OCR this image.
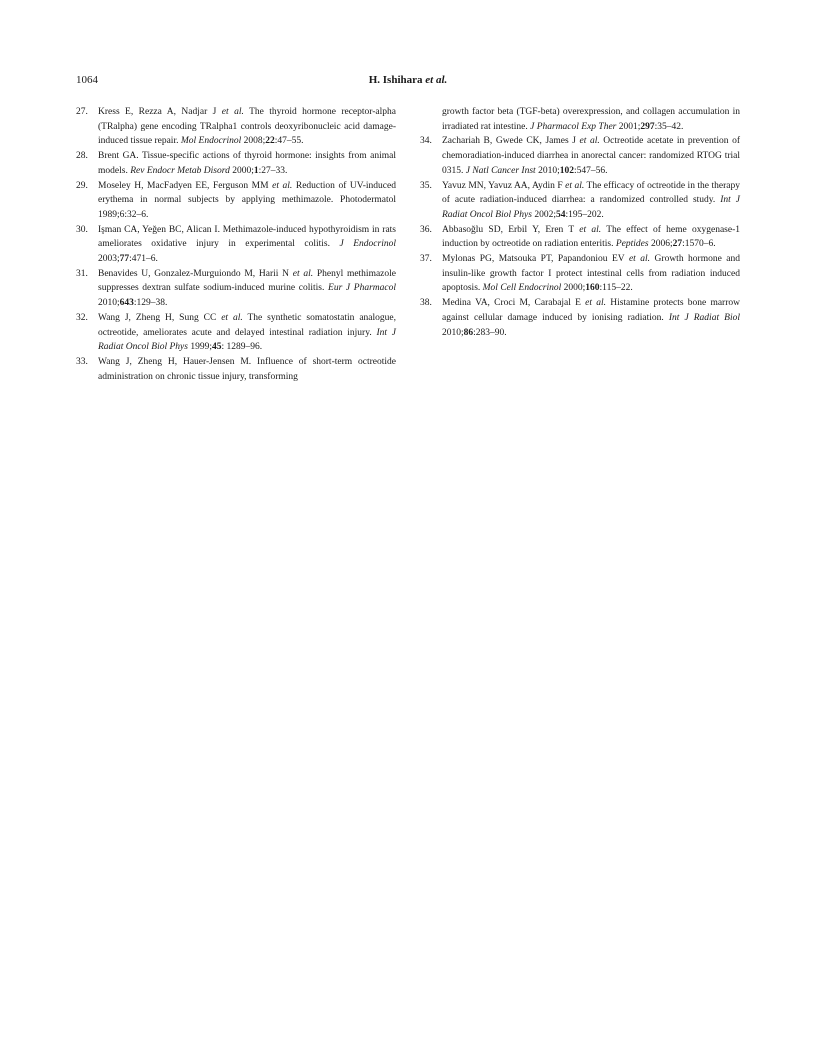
1064	H. Ishihara et al.
27. Kress E, Rezza A, Nadjar J et al. The thyroid hormone receptor-alpha (TRalpha) gene encoding TRalpha1 controls deoxyribonucleic acid damage-induced tissue repair. Mol Endocrinol 2008;22:47–55.
28. Brent GA. Tissue-specific actions of thyroid hormone: insights from animal models. Rev Endocr Metab Disord 2000;1:27–33.
29. Moseley H, MacFadyen EE, Ferguson MM et al. Reduction of UV-induced erythema in normal subjects by applying methimazole. Photodermatol 1989;6:32–6.
30. Işman CA, Yeğen BC, Alican I. Methimazole-induced hypothyroidism in rats ameliorates oxidative injury in experimental colitis. J Endocrinol 2003;77:471–6.
31. Benavides U, Gonzalez-Murguiondo M, Harii N et al. Phenyl methimazole suppresses dextran sulfate sodium-induced murine colitis. Eur J Pharmacol 2010;643:129–38.
32. Wang J, Zheng H, Sung CC et al. The synthetic somatostatin analogue, octreotide, ameliorates acute and delayed intestinal radiation injury. Int J Radiat Oncol Biol Phys 1999;45: 1289–96.
33. Wang J, Zheng H, Hauer-Jensen M. Influence of short-term octreotide administration on chronic tissue injury, transforming
growth factor beta (TGF-beta) overexpression, and collagen accumulation in irradiated rat intestine. J Pharmacol Exp Ther 2001;297:35–42.
34. Zachariah B, Gwede CK, James J et al. Octreotide acetate in prevention of chemoradiation-induced diarrhea in anorectal cancer: randomized RTOG trial 0315. J Natl Cancer Inst 2010;102:547–56.
35. Yavuz MN, Yavuz AA, Aydin F et al. The efficacy of octreotide in the therapy of acute radiation-induced diarrhea: a randomized controlled study. Int J Radiat Oncol Biol Phys 2002;54:195–202.
36. Abbasoğlu SD, Erbil Y, Eren T et al. The effect of heme oxygenase-1 induction by octreotide on radiation enteritis. Peptides 2006;27:1570–6.
37. Mylonas PG, Matsouka PT, Papandoniou EV et al. Growth hormone and insulin-like growth factor I protect intestinal cells from radiation induced apoptosis. Mol Cell Endocrinol 2000;160:115–22.
38. Medina VA, Croci M, Carabajal E et al. Histamine protects bone marrow against cellular damage induced by ionising radiation. Int J Radiat Biol 2010;86:283–90.
